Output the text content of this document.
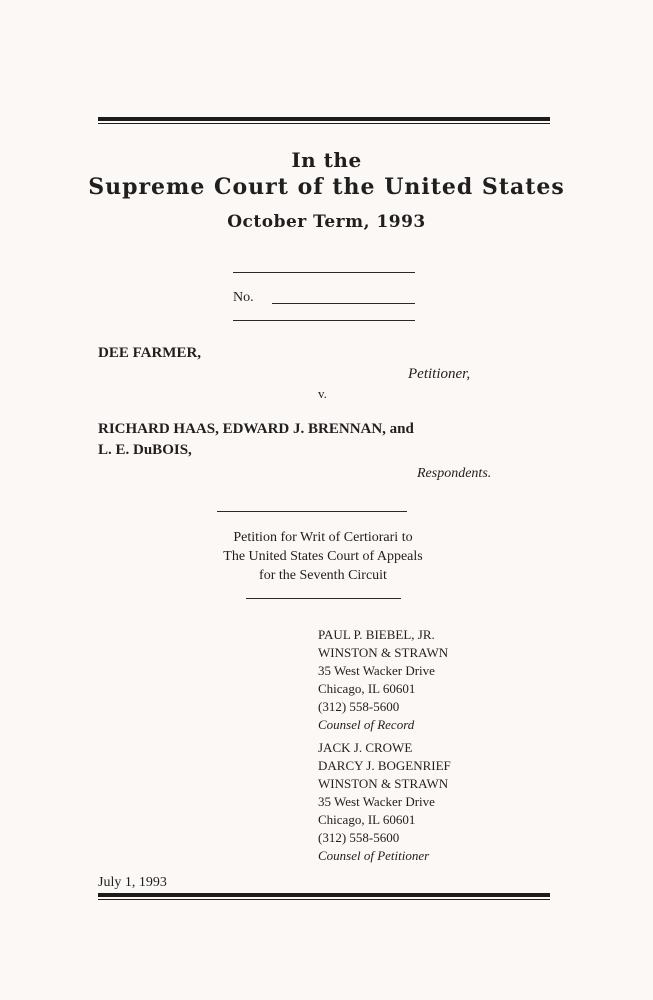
In the
Supreme Court of the United States
October Term, 1993
No.
DEE FARMER,
Petitioner,
v.
RICHARD HAAS, EDWARD J. BRENNAN, and
L. E. DuBOIS,
Respondents.
Petition for Writ of Certiorari to
The United States Court of Appeals
for the Seventh Circuit
PAUL P. BIEBEL, JR.
WINSTON & STRAWN
35 West Wacker Drive
Chicago, IL 60601
(312) 558-5600
Counsel of Record
JACK J. CROWE
DARCY J. BOGENRIEF
WINSTON & STRAWN
35 West Wacker Drive
Chicago, IL 60601
(312) 558-5600
Counsel of Petitioner
July 1, 1993
